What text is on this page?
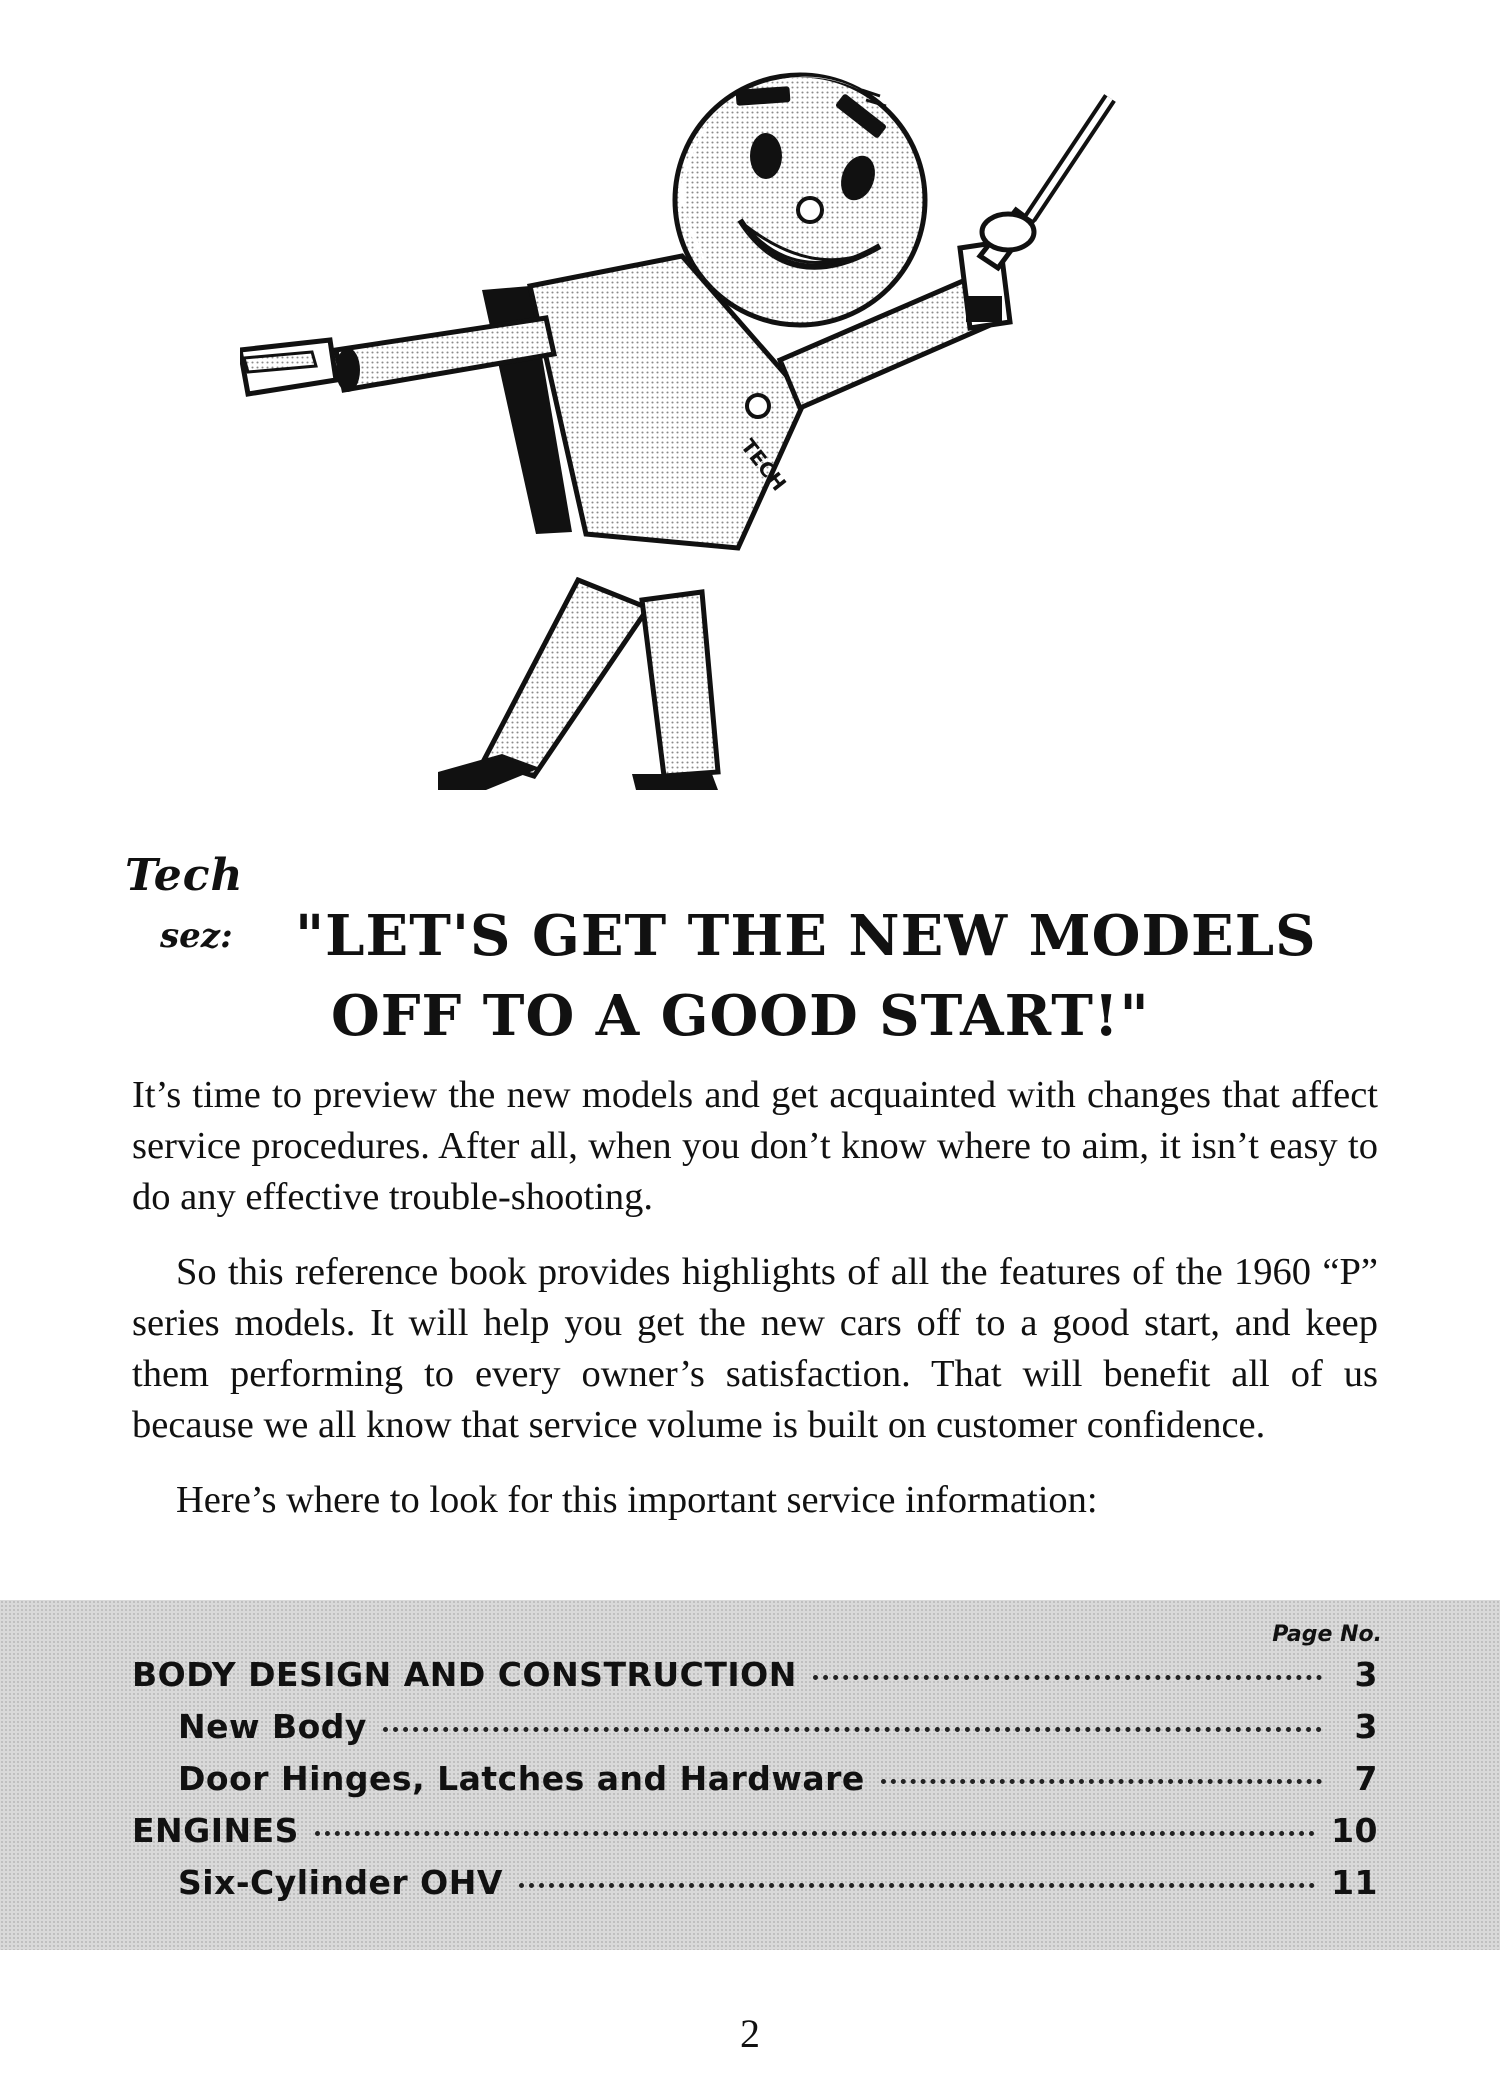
TECH
Tech
sez: "LET'S GET THE NEW MODELS
OFF TO A GOOD START!"

It’s time to preview the new models and get acquainted with changes that affect service procedures. After all, when you don’t know where to aim, it isn’t easy to do any effective trouble-shooting.

So this reference book provides highlights of all the features of the 1960 “P” series models. It will help you get the new cars off to a good start, and keep them performing to every owner’s satisfaction. That will benefit all of us because we all know that service volume is built on customer confidence.

Here’s where to look for this important service information:

Page No.
BODY DESIGN AND CONSTRUCTION	3
New Body	3
Door Hinges, Latches and Hardware	7
ENGINES	10
Six-Cylinder OHV	11
2
